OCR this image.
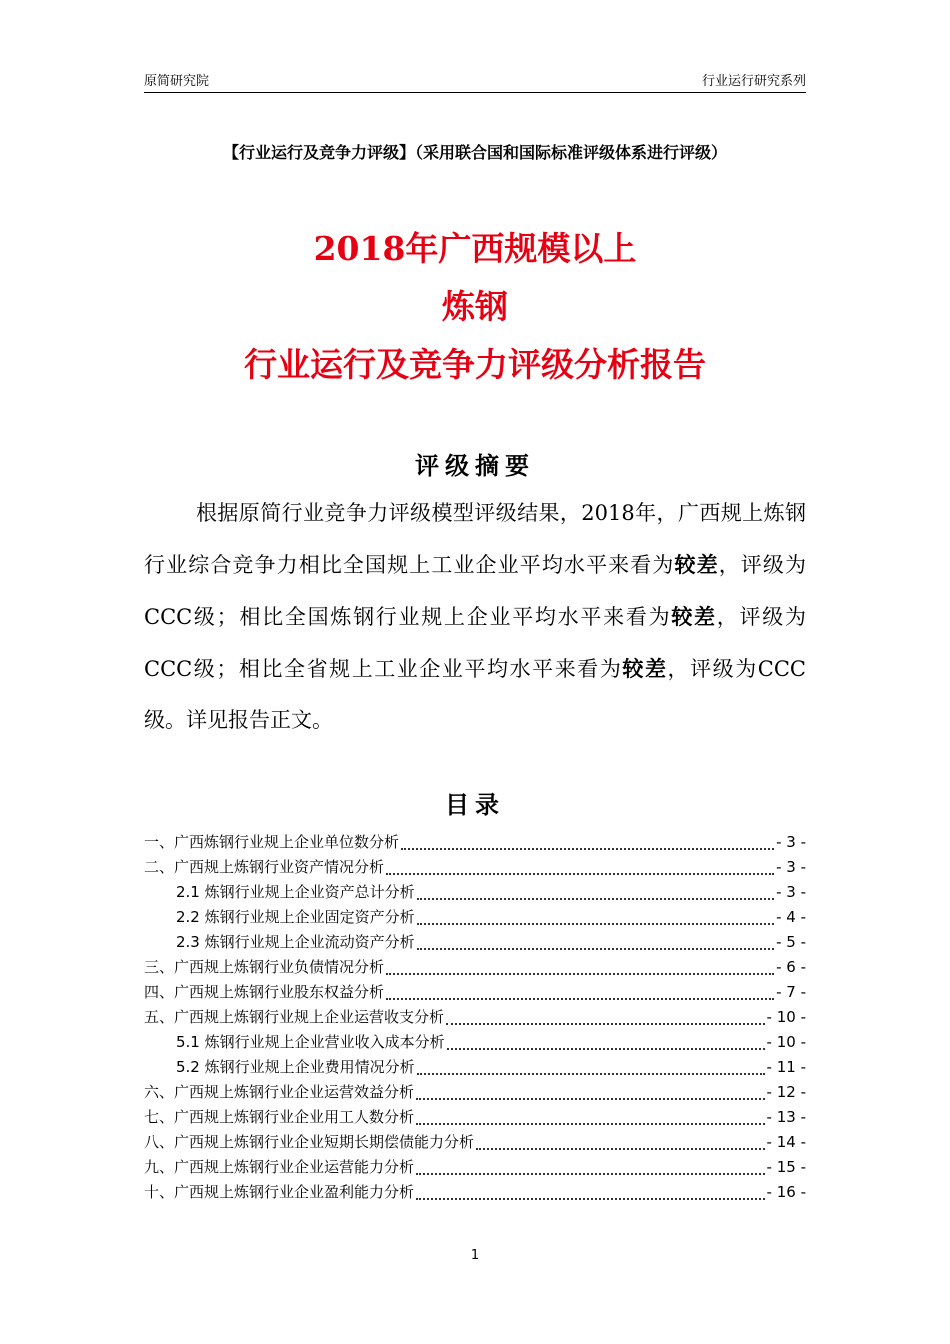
原简研究院	行业运行研究系列
【行业运行及竞争力评级】（采用联合国和国际标准评级体系进行评级）
2018年广西规模以上
炼钢
行业运行及竞争力评级分析报告
评级摘要

根据原简行业竞争力评级模型评级结果，2018年，广西规上炼钢行业综合竞争力相比全国规上工业企业平均水平来看为较差，评级为CCC级；相比全国炼钢行业规上企业平均水平来看为较差，评级为CCC级；相比全省规上工业企业平均水平来看为较差，评级为CCC级。详见报告正文。

目录
一、广西炼钢行业规上企业单位数分析	- 3 -
二、广西规上炼钢行业资产情况分析	- 3 -
2.1 炼钢行业规上企业资产总计分析	- 3 -
2.2 炼钢行业规上企业固定资产分析	- 4 -
2.3 炼钢行业规上企业流动资产分析	- 5 -
三、广西规上炼钢行业负债情况分析	- 6 -
四、广西规上炼钢行业股东权益分析	- 7 -
五、广西规上炼钢行业规上企业运营收支分析	- 10 -
5.1 炼钢行业规上企业营业收入成本分析	- 10 -
5.2 炼钢行业规上企业费用情况分析	- 11 -
六、广西规上炼钢行业企业运营效益分析	- 12 -
七、广西规上炼钢行业企业用工人数分析	- 13 -
八、广西规上炼钢行业企业短期长期偿债能力分析	- 14 -
九、广西规上炼钢行业企业运营能力分析	- 15 -
十、广西规上炼钢行业企业盈利能力分析	- 16 -
1
